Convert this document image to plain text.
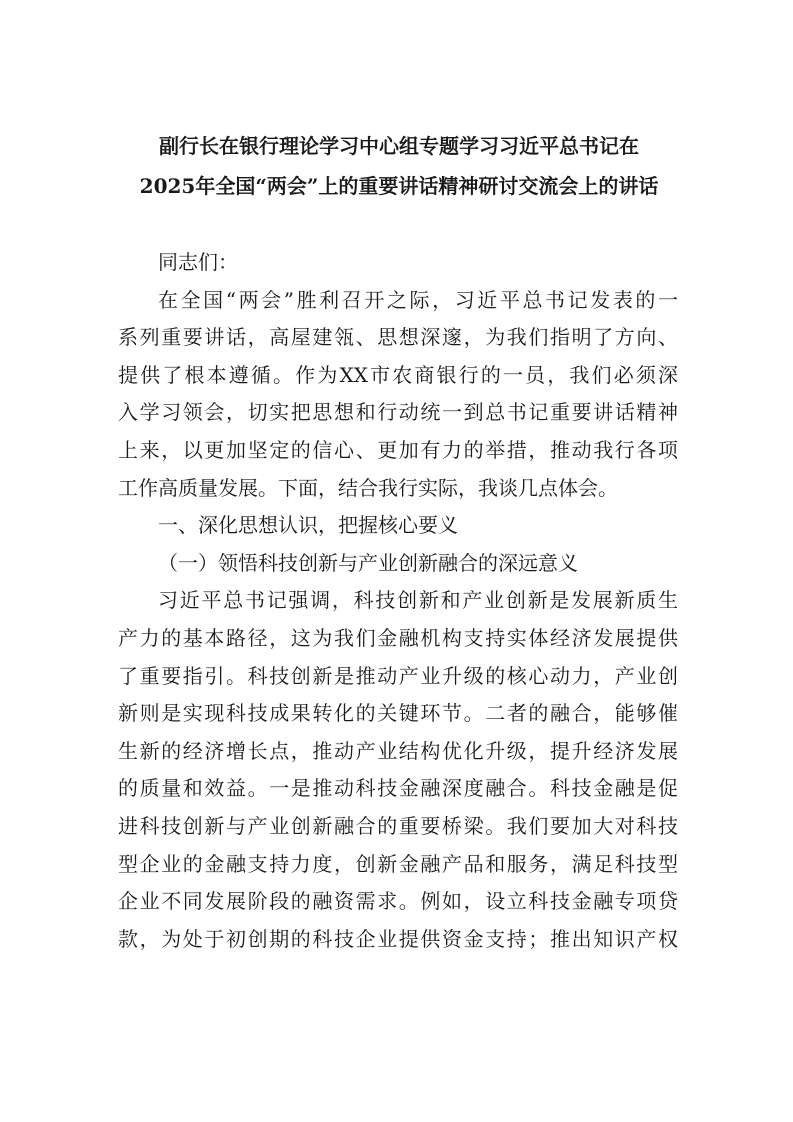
副行长在银行理论学习中心组专题学习习近平总书记在
2025年全国“两会”上的重要讲话精神研讨交流会上的讲话
同志们：
在全国“两会”胜利召开之际，习近平总书记发表的一
系列重要讲话，高屋建瓴、思想深邃，为我们指明了方向、
提供了根本遵循。作为XX市农商银行的一员，我们必须深
入学习领会，切实把思想和行动统一到总书记重要讲话精神
上来，以更加坚定的信心、更加有力的举措，推动我行各项
工作高质量发展。下面，结合我行实际，我谈几点体会。
一、深化思想认识，把握核心要义
（一）领悟科技创新与产业创新融合的深远意义
习近平总书记强调，科技创新和产业创新是发展新质生
产力的基本路径，这为我们金融机构支持实体经济发展提供
了重要指引。科技创新是推动产业升级的核心动力，产业创
新则是实现科技成果转化的关键环节。二者的融合，能够催
生新的经济增长点，推动产业结构优化升级，提升经济发展
的质量和效益。一是推动科技金融深度融合。科技金融是促
进科技创新与产业创新融合的重要桥梁。我们要加大对科技
型企业的金融支持力度，创新金融产品和服务，满足科技型
企业不同发展阶段的融资需求。例如，设立科技金融专项贷
款，为处于初创期的科技企业提供资金支持；推出知识产权
